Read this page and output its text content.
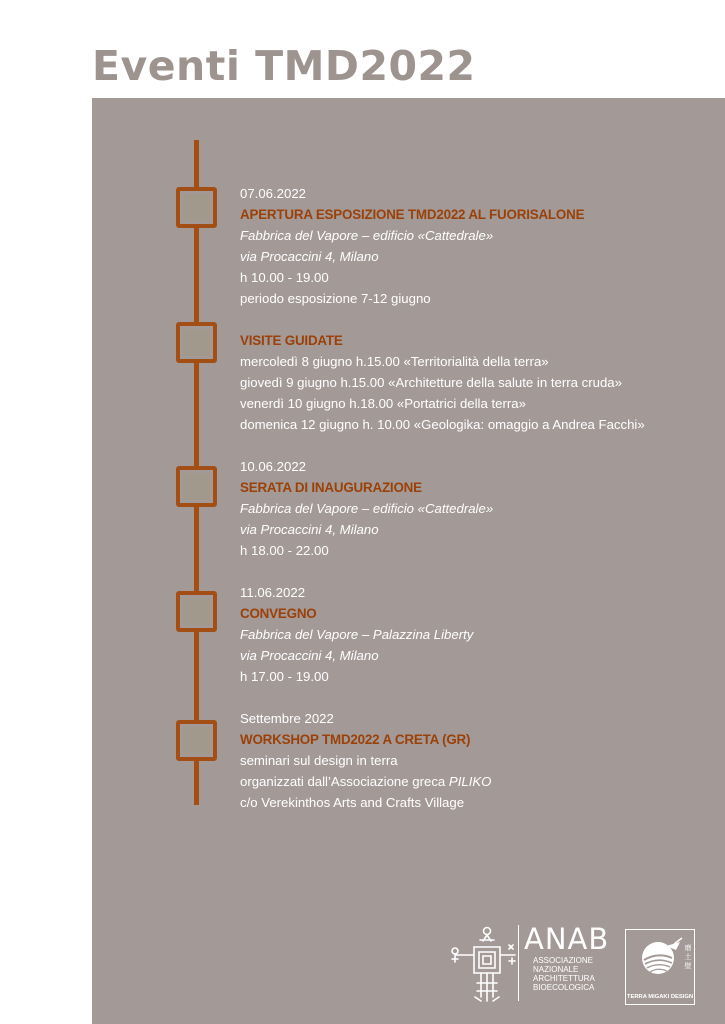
Eventi TMD2022
07.06.2022
APERTURA ESPOSIZIONE TMD2022 AL FUORISALONE
Fabbrica del Vapore – edificio «Cattedrale»
via Procaccini 4, Milano
h 10.00 - 19.00
periodo esposizione 7-12 giugno
VISITE GUIDATE
mercoledì 8 giugno h.15.00 «Territorialità della terra»
giovedì 9 giugno h.15.00 «Architetture della salute in terra cruda»
venerdì 10 giugno h.18.00 «Portatrici della terra»
domenica 12 giugno h. 10.00 «Geologika: omaggio a Andrea Facchi»
10.06.2022
SERATA DI INAUGURAZIONE
Fabbrica del Vapore – edificio «Cattedrale»
via Procaccini 4, Milano
h 18.00 - 22.00
11.06.2022
CONVEGNO
Fabbrica del Vapore – Palazzina Liberty
via Procaccini 4, Milano
h 17.00 - 19.00
Settembre 2022
WORKSHOP TMD2022 A CRETA (GR)
seminari sul design in terra
organizzati dall’Associazione greca PILIKO
c/o Verekinthos Arts and Crafts Village
ANAB
ASSOCIAZIONE
NAZIONALE
ARCHITETTURA
BIOECOLOGICA
磨 土 壁
TERRA MIGAKI DESIGN
